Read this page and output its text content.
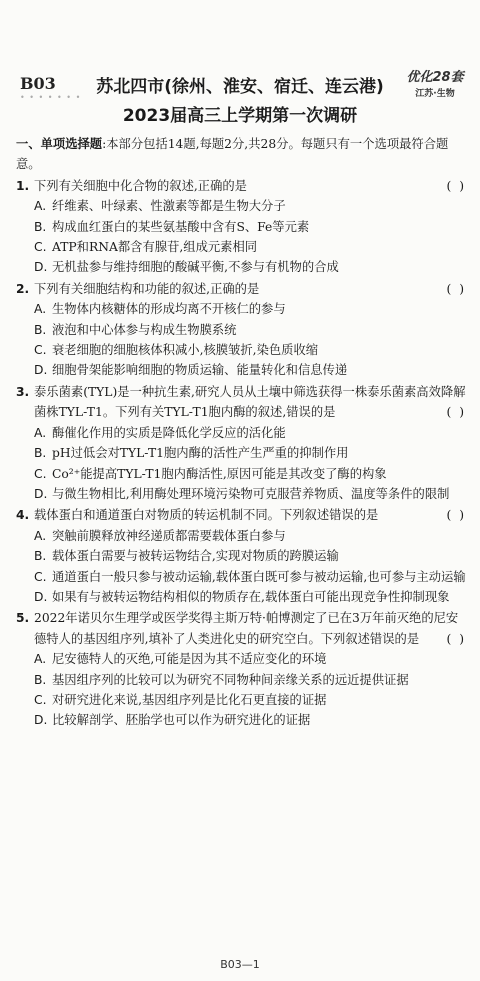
B03
• • • • • • •
苏北四市(徐州、淮安、宿迁、连云港)
2023届高三上学期第一次调研
优化28套
江苏·生物
一、单项选择题:本部分包括14题,每题2分,共28分。每题只有一个选项最符合题意。
1. 下列有关细胞中化合物的叙述,正确的是	( )
A. 纤维素、叶绿素、性激素等都是生物大分子
B. 构成血红蛋白的某些氨基酸中含有S、Fe等元素
C. ATP和RNA都含有腺苷,组成元素相同
D. 无机盐参与维持细胞的酸碱平衡,不参与有机物的合成
2. 下列有关细胞结构和功能的叙述,正确的是	( )
A. 生物体内核糖体的形成均离不开核仁的参与
B. 液泡和中心体参与构成生物膜系统
C. 衰老细胞的细胞核体积减小,核膜皱折,染色质收缩
D. 细胞骨架能影响细胞的物质运输、能量转化和信息传递
3. 泰乐菌素(TYL)是一种抗生素,研究人员从土壤中筛选获得一株泰乐菌素高效降解菌株TYL-T1。下列有关TYL-T1胞内酶的叙述,错误的是	( )
A. 酶催化作用的实质是降低化学反应的活化能
B. pH过低会对TYL-T1胞内酶的活性产生严重的抑制作用
C. Co²⁺能提高TYL-T1胞内酶活性,原因可能是其改变了酶的构象
D. 与微生物相比,利用酶处理环境污染物可克服营养物质、温度等条件的限制
4. 载体蛋白和通道蛋白对物质的转运机制不同。下列叙述错误的是	( )
A. 突触前膜释放神经递质都需要载体蛋白参与
B. 载体蛋白需要与被转运物结合,实现对物质的跨膜运输
C. 通道蛋白一般只参与被动运输,载体蛋白既可参与被动运输,也可参与主动运输
D. 如果有与被转运物结构相似的物质存在,载体蛋白可能出现竞争性抑制现象
5. 2022年诺贝尔生理学或医学奖得主斯万特·帕博测定了已在3万年前灭绝的尼安德特人的基因组序列,填补了人类进化史的研究空白。下列叙述错误的是 ( )
A. 尼安德特人的灭绝,可能是因为其不适应变化的环境
B. 基因组序列的比较可以为研究不同物种间亲缘关系的远近提供证据
C. 对研究进化来说,基因组序列是比化石更直接的证据
D. 比较解剖学、胚胎学也可以作为研究进化的证据
B03—1
